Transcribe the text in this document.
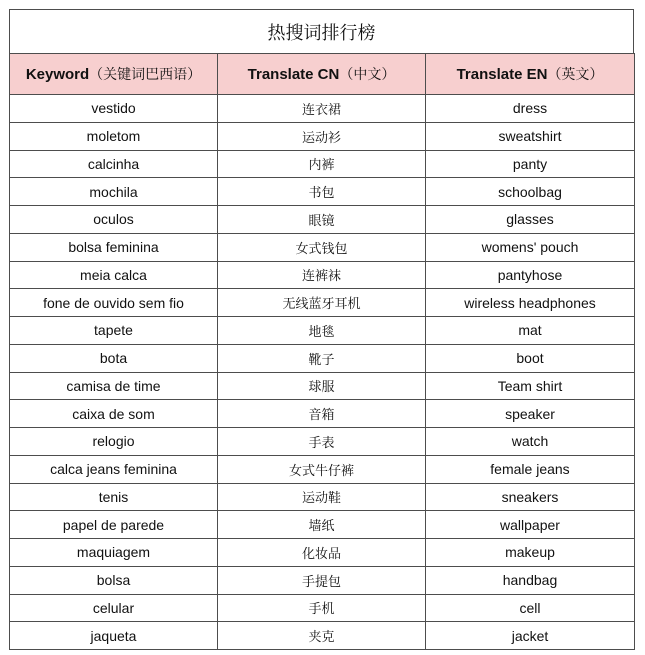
热搜词排行榜
Keyword（关键词巴西语）	Translate CN（中文）	Translate EN（英文）
vestido	连衣裙	dress
moletom	运动衫	sweatshirt
calcinha	内裤	panty
mochila	书包	schoolbag
oculos	眼镜	glasses
bolsa feminina	女式钱包	womens' pouch
meia calca	连裤袜	pantyhose
fone de ouvido sem fio	无线蓝牙耳机	wireless headphones
tapete	地毯	mat
bota	靴子	boot
camisa de time	球服	Team shirt
caixa de som	音箱	speaker
relogio	手表	watch
calca jeans feminina	女式牛仔裤	female jeans
tenis	运动鞋	sneakers
papel de parede	墙纸	wallpaper
maquiagem	化妆品	makeup
bolsa	手提包	handbag
celular	手机	cell
jaqueta	夹克	jacket
